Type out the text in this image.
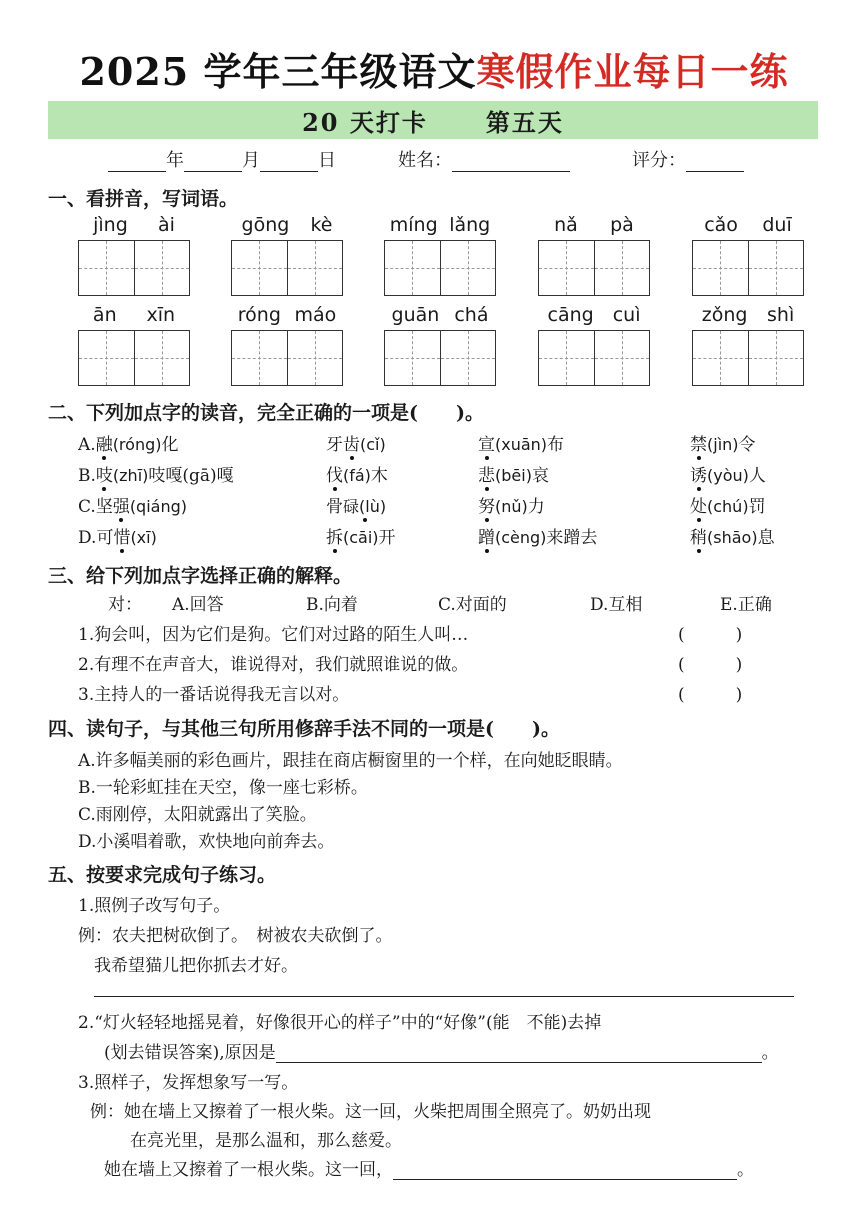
2025 学年三年级语文寒假作业每日一练
20 天打卡 第五天
年	月	日	姓名：	评分：
一、看拼音，写词语。
jìng ài	gōng kè	míng lǎng	nǎ pà	cǎo duī
ān xīn	róng máo	guān chá	cāng cuì	zǒng shì
二、下列加点字的读音，完全正确的一项是(　　)。
A.融(róng)化	牙齿(cǐ)	宣(xuān)布	禁(jìn)令
B.吱(zhī)吱嘎(gā)嘎	伐(fá)木	悲(bēi)哀	诱(yòu)人
C.坚强(qiáng)	骨碌(lù)	努(nǔ)力	处(chú)罚
D.可惜(xī)	拆(cāi)开	蹭(cèng)来蹭去	稍(shāo)息
三、给下列加点字选择正确的解释。
对： A.回答	B.向着	C.对面的	D.互相	E.正确
1.狗会叫，因为它们是狗。它们对过路的陌生人叫…	(　　　)
2.有理不在声音大，谁说得对，我们就照谁说的做。	(　　　)
3.主持人的一番话说得我无言以对。	(　　　)
四、读句子，与其他三句所用修辞手法不同的一项是(　　)。
A.许多幅美丽的彩色画片，跟挂在商店橱窗里的一个样，在向她眨眼睛。
B.一轮彩虹挂在天空，像一座七彩桥。
C.雨刚停，太阳就露出了笑脸。
D.小溪唱着歌，欢快地向前奔去。
五、按要求完成句子练习。
1.照例子改写句子。
例：农夫把树砍倒了。　树被农夫砍倒了。
我希望猫儿把你抓去才好。
2.“灯火轻轻地摇晃着，好像很开心的样子”中的“好像”(能　不能)去掉
(划去错误答案),原因是	。
3.照样子，发挥想象写一写。
例：她在墙上又擦着了一根火柴。这一回，火柴把周围全照亮了。奶奶出现
在亮光里，是那么温和，那么慈爱。
她在墙上又擦着了一根火柴。这一回，	。
